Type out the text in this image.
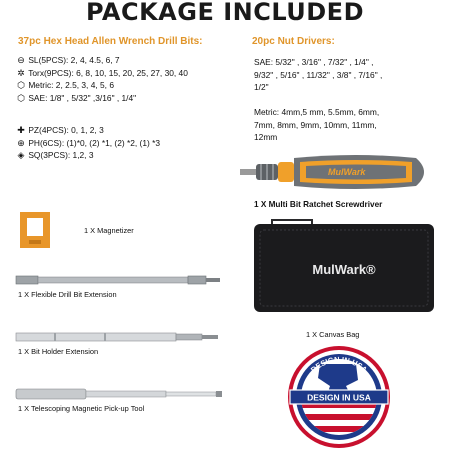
PACKAGE INCLUDED
37pc Hex Head Allen Wrench Drill Bits:
⊖ SL(5PCS): 2, 4, 4.5, 6, 7
✲ Torx(9PCS): 6, 8, 10, 15, 20, 25, 27, 30, 40
⬡ Metric: 2, 2.5, 3, 4, 5, 6
⬡ SAE: 1/8" , 5/32" ,3/16" , 1/4"
✚ PZ(4PCS): 0, 1, 2, 3
⊕ PH(6CS): (1)*0, (2) *1, (2) *2, (1) *3
◈ SQ(3PCS): 1,2, 3
20pc Nut Drivers:
SAE: 5/32" , 3/16" , 7/32" , 1/4" ,
9/32" , 5/16" , 11/32" , 3/8" , 7/16" ,
1/2"
Metric: 4mm,5 mm, 5.5mm, 6mm,
7mm, 8mm, 9mm, 10mm, 11mm,
12mm
MulWark
1 X Multi Bit Ratchet Screwdriver
1 X Magnetizer
1 X Flexible Drill Bit Extension
1 X Bit Holder Extension
1 X Telescoping Magnetic Pick-up Tool
MulWark®
1 X Canvas Bag
DESIGN IN USA
DESIGN IN USA
